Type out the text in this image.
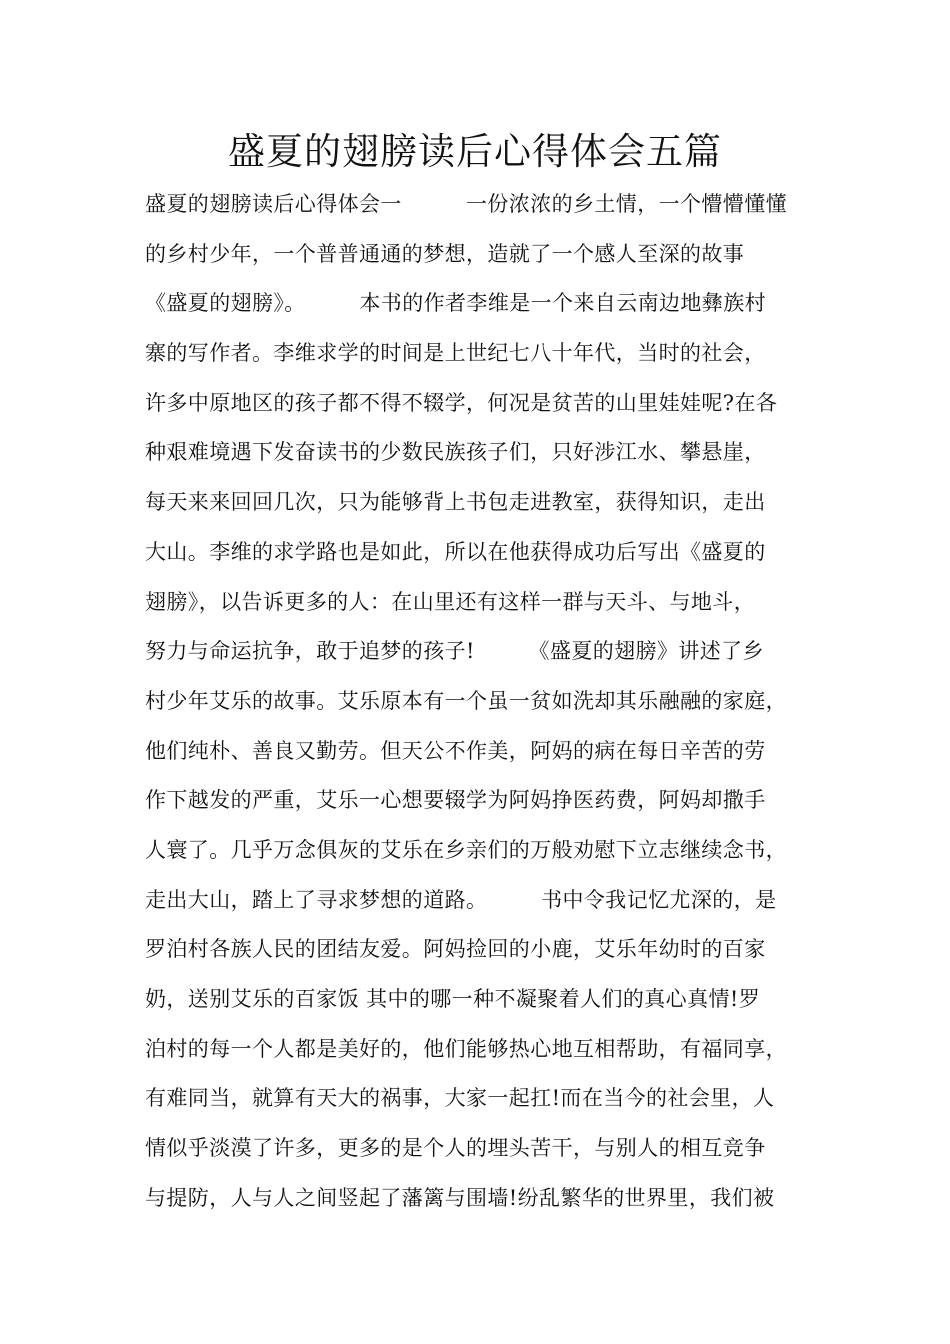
盛夏的翅膀读后心得体会五篇
盛夏的翅膀读后心得体会一　　　一份浓浓的乡土情，一个懵懵懂懂
的乡村少年，一个普普通通的梦想，造就了一个感人至深的故事
《盛夏的翅膀》。　　　本书的作者李维是一个来自云南边地彝族村
寨的写作者。李维求学的时间是上世纪七八十年代，当时的社会，
许多中原地区的孩子都不得不辍学，何况是贫苦的山里娃娃呢?在各
种艰难境遇下发奋读书的少数民族孩子们，只好涉江水、攀悬崖，
每天来来回回几次，只为能够背上书包走进教室，获得知识，走出
大山。李维的求学路也是如此，所以在他获得成功后写出《盛夏的
翅膀》，以告诉更多的人：在山里还有这样一群与天斗、与地斗，
努力与命运抗争，敢于追梦的孩子!　　　《盛夏的翅膀》讲述了乡
村少年艾乐的故事。艾乐原本有一个虽一贫如洗却其乐融融的家庭，
他们纯朴、善良又勤劳。但天公不作美，阿妈的病在每日辛苦的劳
作下越发的严重，艾乐一心想要辍学为阿妈挣医药费，阿妈却撒手
人寰了。几乎万念俱灰的艾乐在乡亲们的万般劝慰下立志继续念书，
走出大山，踏上了寻求梦想的道路。　　　书中令我记忆尤深的，是
罗泊村各族人民的团结友爱。阿妈捡回的小鹿，艾乐年幼时的百家
奶，送别艾乐的百家饭 其中的哪一种不凝聚着人们的真心真情!罗
泊村的每一个人都是美好的，他们能够热心地互相帮助，有福同享，
有难同当，就算有天大的祸事，大家一起扛!而在当今的社会里，人
情似乎淡漠了许多，更多的是个人的埋头苦干，与别人的相互竞争
与提防，人与人之间竖起了藩篱与围墙!纷乱繁华的世界里，我们被
